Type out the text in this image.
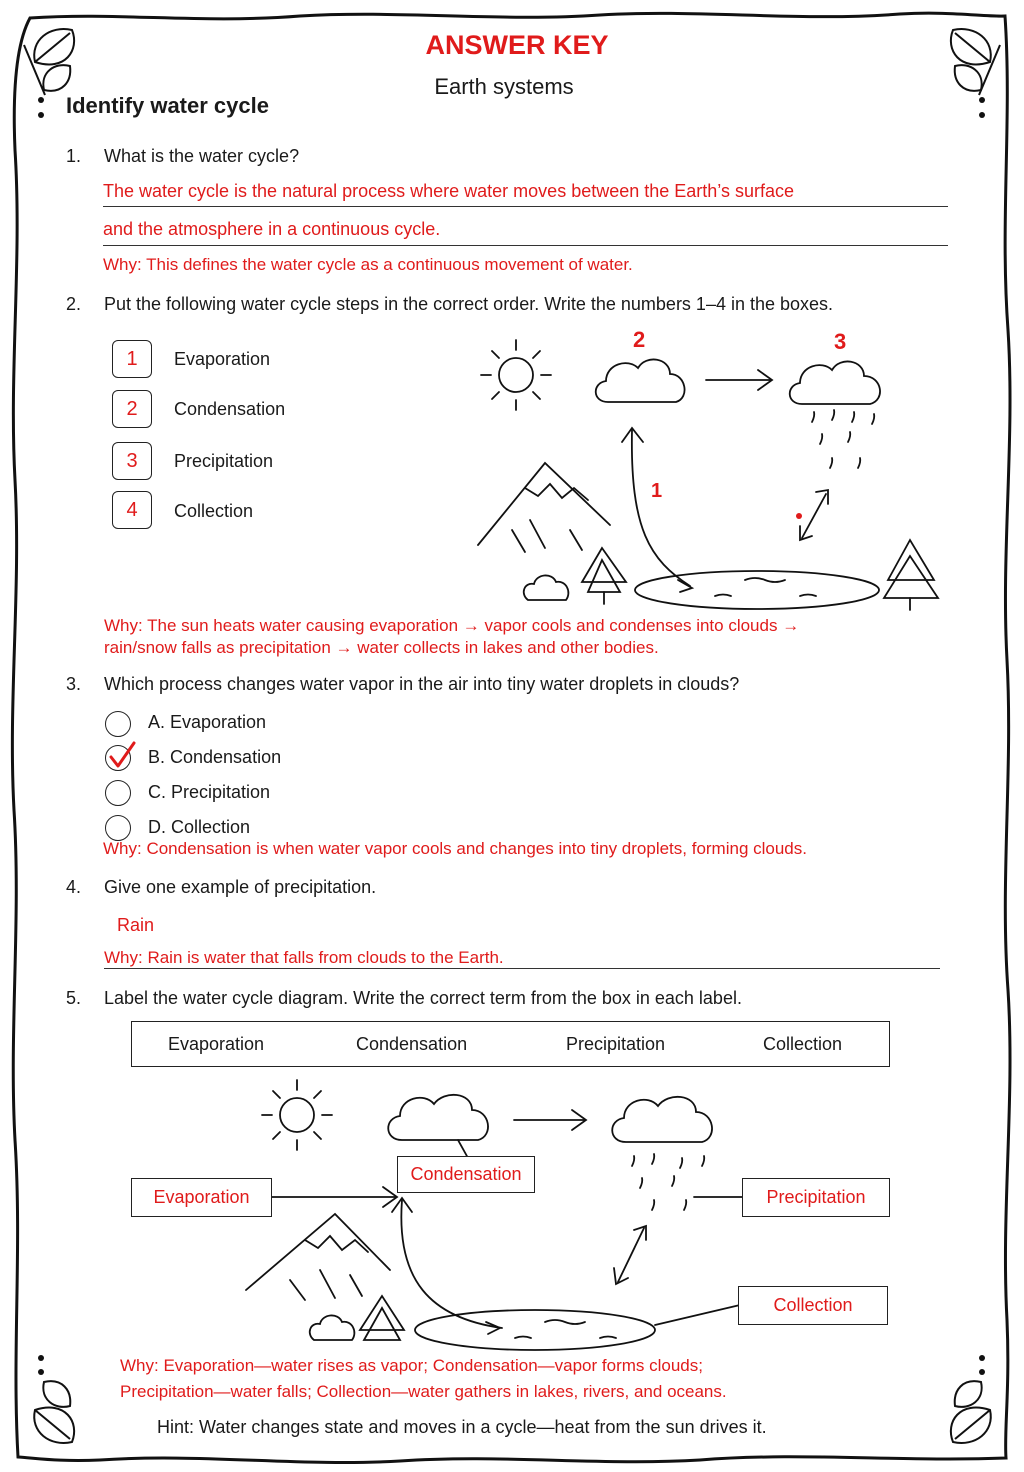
ANSWER KEY
Earth systems
Identify water cycle
1. What is the water cycle?
The water cycle is the natural process where water moves between the Earth’s surface
and the atmosphere in a continuous cycle.
Why: This defines the water cycle as a continuous movement of water.
2. Put the following water cycle steps in the correct order. Write the numbers 1–4 in the boxes.
1	Evaporation
2	Condensation
3	Precipitation
4	Collection
1
2	3
Why: The sun heats water causing evaporation → vapor cools and condenses into clouds →
rain/snow falls as precipitation → water collects in lakes and other bodies.
3. Which process changes water vapor in the air into tiny water droplets in clouds?
A. Evaporation
B. Condensation
C. Precipitation
D. Collection
Why: Condensation is when water vapor cools and changes into tiny droplets, forming clouds.
4. Give one example of precipitation.
Rain
Why: Rain is water that falls from clouds to the Earth.
5. Label the water cycle diagram. Write the correct term from the box in each label.
Evaporation	Condensation	Precipitation	Collection
Evaporation
Condensation
Precipitation
Collection
Why: Evaporation—water rises as vapor; Condensation—vapor forms clouds;
Precipitation—water falls; Collection—water gathers in lakes, rivers, and oceans.
Hint: Water changes state and moves in a cycle—heat from the sun drives it.
